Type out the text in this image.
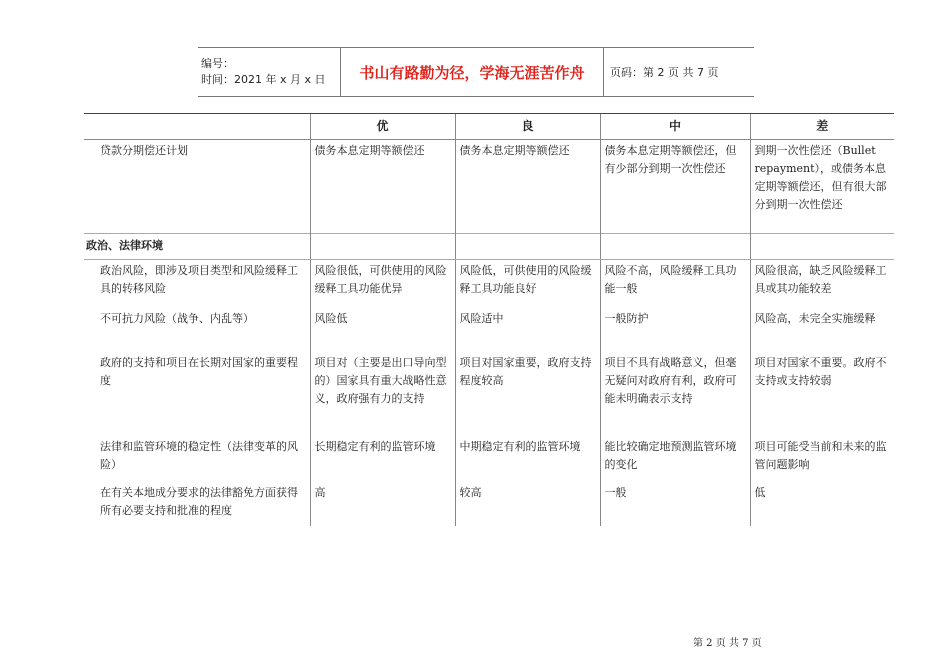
编号：
时间：2021 年 x 月 x 日	书山有路勤为径，学海无涯苦作舟	页码：第 2 页 共 7 页
	优	良	中	差
贷款分期偿还计划	债务本息定期等额偿还	债务本息定期等额偿还	债务本息定期等额偿还，但有少部分到期一次性偿还	到期一次性偿还（Bullet repayment），或债务本息定期等额偿还，但有很大部分到期一次性偿还
政治、法律环境				
政治风险，即涉及项目类型和风险缓释工具的转移风险	风险很低，可供使用的风险缓释工具功能优异	风险低，可供使用的风险缓释工具功能良好	风险不高，风险缓释工具功能一般	风险很高，缺乏风险缓释工具或其功能较差
不可抗力风险（战争、内乱等）	风险低	风险适中	一般防护	风险高，未完全实施缓释
政府的支持和项目在长期对国家的重要程度	项目对（主要是出口导向型的）国家具有重大战略性意义，政府强有力的支持	项目对国家重要，政府支持程度较高	项目不具有战略意义，但毫无疑问对政府有利，政府可能未明确表示支持	项目对国家不重要。政府不支持或支持较弱
法律和监管环境的稳定性（法律变革的风险）	长期稳定有利的监管环境	中期稳定有利的监管环境	能比较确定地预测监管环境的变化	项目可能受当前和未来的监管问题影响
在有关本地成分要求的法律豁免方面获得所有必要支持和批准的程度	高	较高	一般	低
第 2 页 共 7 页
